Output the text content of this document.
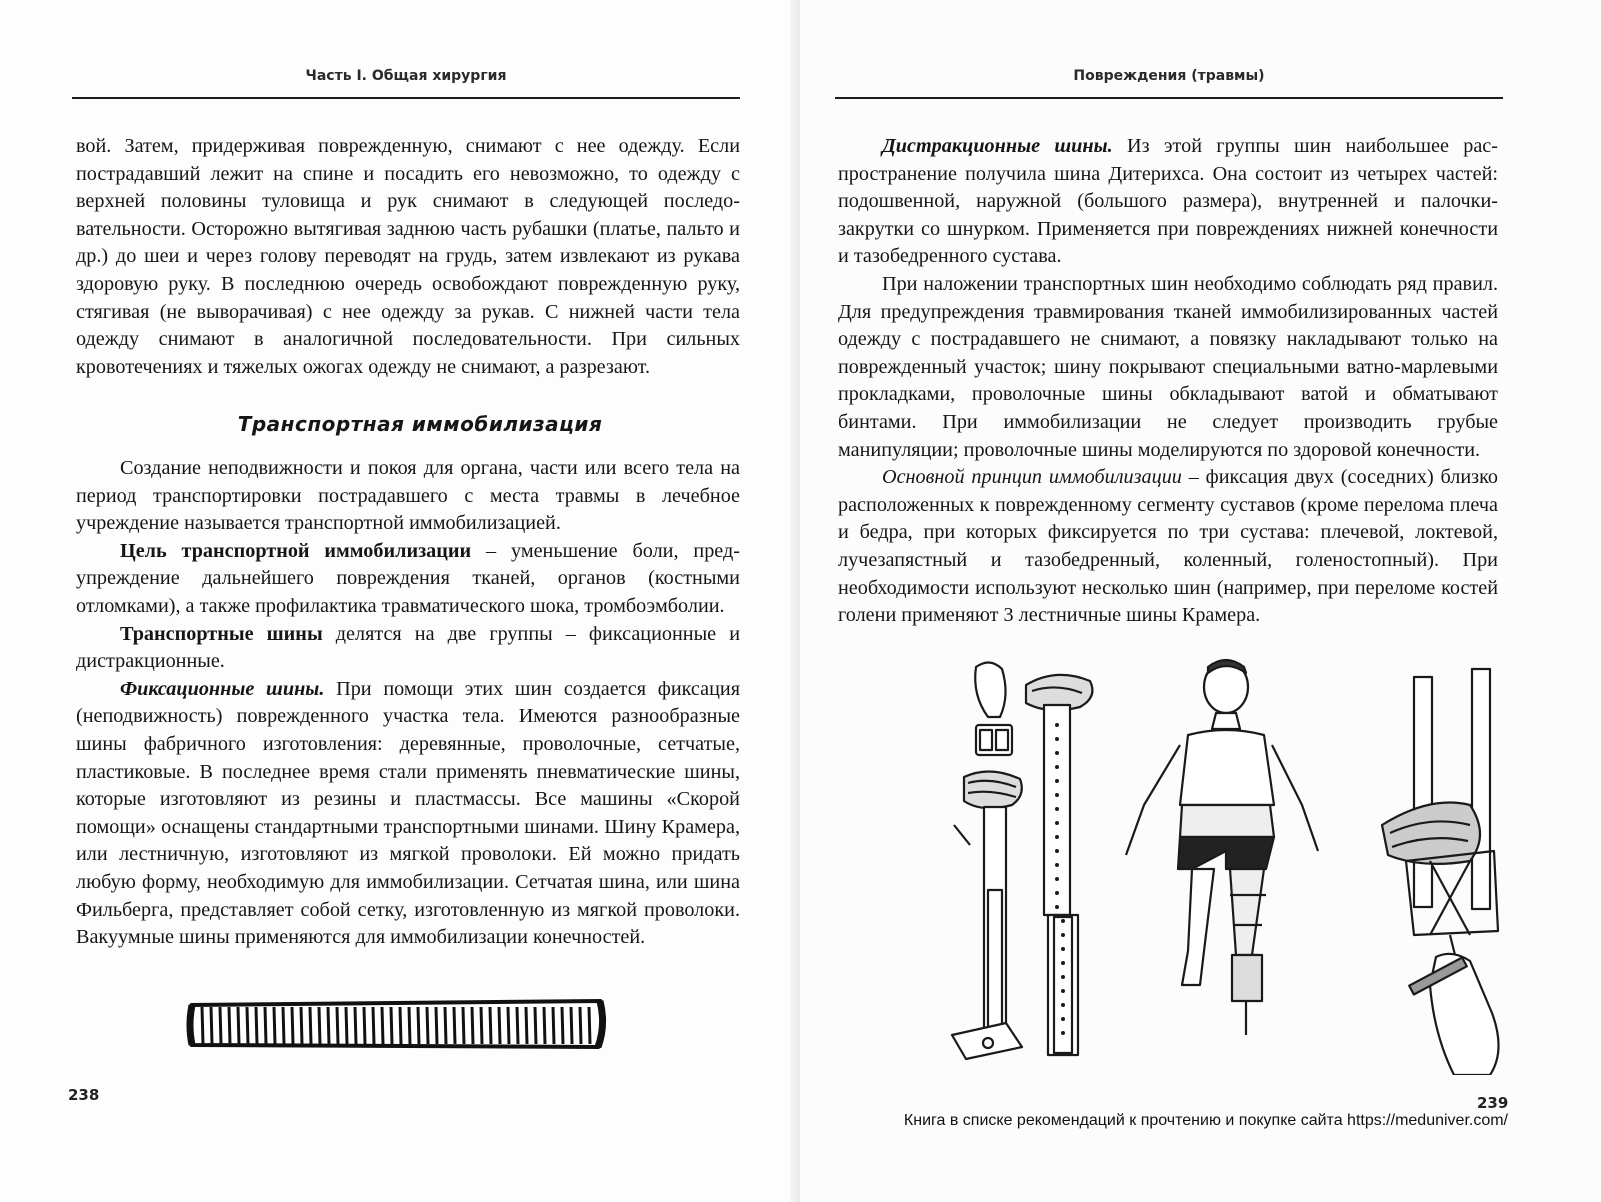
Часть I. Общая хирургия

вой. Затем, придерживая поврежденную, снимают с нее одежду. Если пострадавший лежит на спине и посадить его невозможно, то одежду с верхней половины туловища и рук снимают в следующей последовательности. Осторожно вытягивая заднюю часть рубашки (платье, пальто и др.) до шеи и через голову переводят на грудь, затем извлекают из рукава здоровую руку. В последнюю очередь освобождают поврежденную руку, стягивая (не выворачивая) с нее одежду за рукав. С нижней части тела одежду снимают в аналогичной последовательности. При сильных кровотечениях и тяжелых ожогах одежду не снимают, а разрезают.

Транспортная иммобилизация

Создание неподвижности и покоя для органа, части или всего тела на период транспортировки пострадавшего с места травмы в лечебное учреждение называется транспортной иммобилизацией.

Цель транспортной иммобилизации – уменьшение боли, предупреждение дальнейшего повреждения тканей, органов (костными отломками), а также профилактика травматического шока, тромбоэмболии.

Транспортные шины делятся на две группы – фиксационные и дистракционные.

Фиксационные шины. При помощи этих шин создается фиксация (неподвижность) поврежденного участка тела. Имеются разнообразные шины фабричного изготовления: деревянные, проволочные, сетчатые, пластиковые. В последнее время стали применять пневматические шины, которые изготовляют из резины и пластмассы. Все машины «Скорой помощи» оснащены стандартными транспортными шинами. Шину Крамера, или лестничную, изготовляют из мягкой проволоки. Ей можно придать любую форму, необходимую для иммобилизации. Сетчатая шина, или шина Фильберга, представляет собой сетку, изготовленную из мягкой проволоки. Вакуумные шины применяются для иммобилизации конечностей.

238
Повреждения (травмы)

Дистракционные шины. Из этой группы шин наибольшее распространение получила шина Дитерихса. Она состоит из четырех частей: подошвенной, наружной (большого размера), внутренней и палочки-закрутки со шнурком. Применяется при повреждениях нижней конечности и тазобедренного сустава.

При наложении транспортных шин необходимо соблюдать ряд правил. Для предупреждения травмирования тканей иммобилизированных частей одежду с пострадавшего не снимают, а повязку накладывают только на поврежденный участок; шину покрывают специальными ватно-марлевыми прокладками, проволочные шины обкладывают ватой и обматывают бинтами. При иммобилизации не следует производить грубые манипуляции; проволочные шины моделируются по здоровой конечности.

Основной принцип иммобилизации – фиксация двух (соседних) близко расположенных к поврежденному сегменту суставов (кроме перелома плеча и бедра, при которых фиксируется по три сустава: плечевой, локтевой, лучезапястный и тазобедренный, коленный, голеностопный). При необходимости используют несколько шин (например, при переломе костей голени применяют 3 лестничные шины Крамера.

239
Книга в списке рекомендаций к прочтению и покупке сайта https://meduniver.com/
